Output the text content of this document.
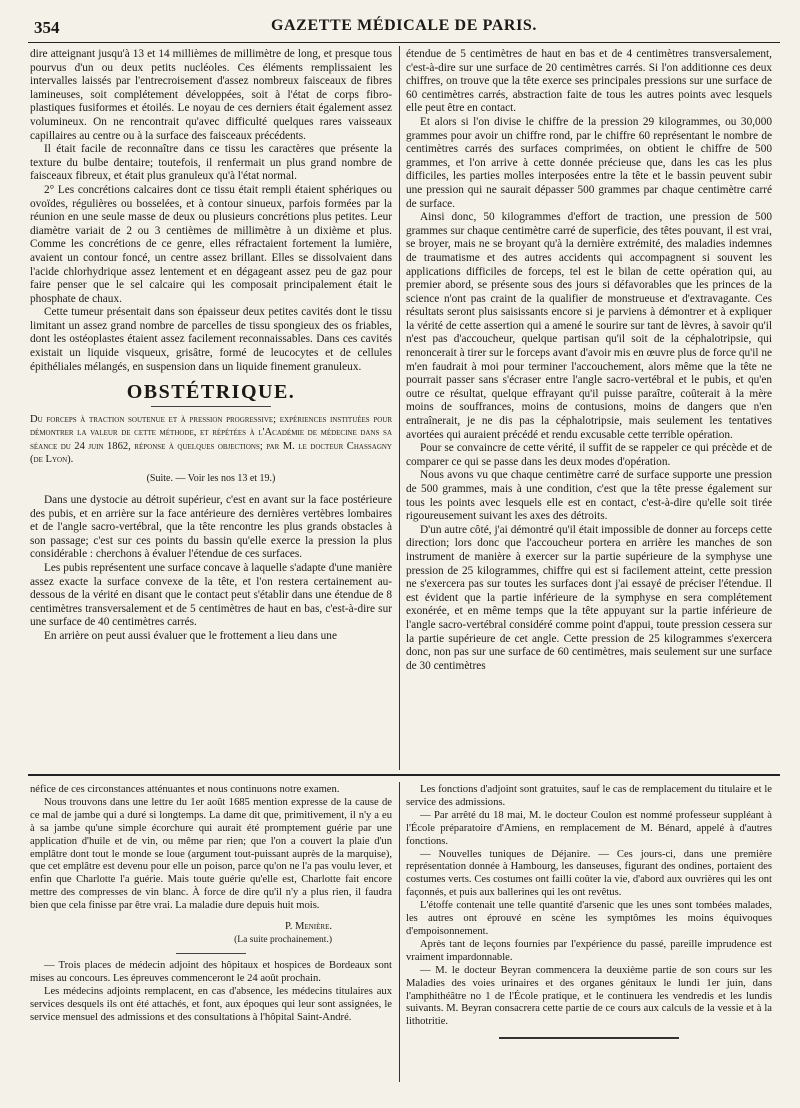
354	GAZETTE MÉDICALE DE PARIS.

dire atteignant jusqu'à 13 et 14 millièmes de millimètre de long, et presque tous pourvus d'un ou deux petits nucléoles. Ces éléments remplissaient les intervalles laissés par l'entrecroisement d'assez nombreux faisceaux de fibres lamineuses, soit complétement développées, soit à l'état de corps fibro-plastiques fusiformes et étoilés. Le noyau de ces derniers était également assez volumineux. On ne rencontrait qu'avec difficulté quelques rares vaisseaux capillaires au centre ou à la surface des faisceaux précédents.

Il était facile de reconnaître dans ce tissu les caractères que présente la texture du bulbe dentaire; toutefois, il renfermait un plus grand nombre de faisceaux fibreux, et était plus granuleux qu'à l'état normal.

2° Les concrétions calcaires dont ce tissu était rempli étaient sphériques ou ovoïdes, régulières ou bosselées, et à contour sinueux, parfois formées par la réunion en une seule masse de deux ou plusieurs concrétions plus petites. Leur diamètre variait de 2 ou 3 centièmes de millimètre à un dixième et plus. Comme les concrétions de ce genre, elles réfractaient fortement la lumière, avaient un contour foncé, un centre assez brillant. Elles se dissolvaient dans l'acide chlorhydrique assez lentement et en dégageant assez peu de gaz pour faire penser que le sel calcaire qui les composait principalement était le phosphate de chaux.

Cette tumeur présentait dans son épaisseur deux petites cavités dont le tissu limitant un assez grand nombre de parcelles de tissu spongieux des os friables, dont les ostéoplastes étaient assez facilement reconnaissables. Dans ces cavités existait un liquide visqueux, grisâtre, formé de leucocytes et de cellules épithéliales mélangés, en suspension dans un liquide finement granuleux.

OBSTÉTRIQUE.
Du forceps à traction soutenue et à pression progressive; expériences instituées pour démontrer la valeur de cette méthode, et répétées à l'Académie de médecine dans sa séance du 24 juin 1862, réponse à quelques objections; par M. le docteur Chassagny (de Lyon).
(Suite. — Voir les nos 13 et 19.)

Dans une dystocie au détroit supérieur, c'est en avant sur la face postérieure des pubis, et en arrière sur la face antérieure des dernières vertèbres lombaires et de l'angle sacro-vertébral, que la tête rencontre les plus grands obstacles à son passage; c'est sur ces points du bassin qu'elle exerce la pression la plus considérable : cherchons à évaluer l'étendue de ces surfaces.

Les pubis représentent une surface concave à laquelle s'adapte d'une manière assez exacte la surface convexe de la tête, et l'on restera certainement au-dessous de la vérité en disant que le contact peut s'établir dans une étendue de 8 centimètres transversalement et de 5 centimètres de haut en bas, c'est-à-dire sur une surface de 40 centimètres carrés.

En arrière on peut aussi évaluer que le frottement a lieu dans une

étendue de 5 centimètres de haut en bas et de 4 centimètres transversalement, c'est-à-dire sur une surface de 20 centimètres carrés. Si l'on additionne ces deux chiffres, on trouve que la tête exerce ses principales pressions sur une surface de 60 centimètres carrés, abstraction faite de tous les autres points avec lesquels elle peut être en contact.

Et alors si l'on divise le chiffre de la pression 29 kilogrammes, ou 30,000 grammes pour avoir un chiffre rond, par le chiffre 60 représentant le nombre de centimètres carrés des surfaces comprimées, on obtient le chiffre de 500 grammes, et l'on arrive à cette donnée précieuse que, dans les cas les plus difficiles, les parties molles interposées entre la tête et le bassin peuvent subir une pression qui ne saurait dépasser 500 grammes par chaque centimètre carré de surface.

Ainsi donc, 50 kilogrammes d'effort de traction, une pression de 500 grammes sur chaque centimètre carré de superficie, des têtes pouvant, il est vrai, se broyer, mais ne se broyant qu'à la dernière extrémité, des maladies indemnes de traumatisme et des autres accidents qui accompagnent si souvent les applications difficiles de forceps, tel est le bilan de cette opération qui, au premier abord, se présente sous des jours si défavorables que les princes de la science n'ont pas craint de la qualifier de monstrueuse et d'extravagante. Ces résultats seront plus saisissants encore si je parviens à démontrer et à expliquer la vérité de cette assertion qui a amené le sourire sur tant de lèvres, à savoir qu'il n'est pas d'accoucheur, quelque partisan qu'il soit de la céphalotripsie, qui renoncerait à tirer sur le forceps avant d'avoir mis en œuvre plus de force qu'il ne m'en faudrait à moi pour terminer l'accouchement, alors même que la tête ne pourrait passer sans s'écraser entre l'angle sacro-vertébral et le pubis, et qu'en outre ce résultat, quelque effrayant qu'il puisse paraître, coûterait à la mère moins de souffrances, moins de contusions, moins de dangers que n'en entraînerait, je ne dis pas la céphalotripsie, mais seulement les tentatives avortées qui auraient précédé et rendu excusable cette terrible opération.

Pour se convaincre de cette vérité, il suffit de se rappeler ce qui précède et de comparer ce qui se passe dans les deux modes d'opération.

Nous avons vu que chaque centimètre carré de surface supporte une pression de 500 grammes, mais à une condition, c'est que la tête presse également sur tous les points avec lesquels elle est en contact, c'est-à-dire qu'elle soit tirée rigoureusement suivant les axes des détroits.

D'un autre côté, j'ai démontré qu'il était impossible de donner au forceps cette direction; lors donc que l'accoucheur portera en arrière les manches de son instrument de manière à exercer sur la partie supérieure de la symphyse une pression de 25 kilogrammes, chiffre qui est si facilement atteint, cette pression ne s'exercera pas sur toutes les surfaces dont j'ai essayé de préciser l'étendue. Il est évident que la partie inférieure de la symphyse en sera complétement exonérée, et en même temps que la tête appuyant sur la partie inférieure de l'angle sacro-vertébral considéré comme point d'appui, toute pression cessera sur la partie supérieure de cet angle. Cette pression de 25 kilogrammes s'exercera donc, non pas sur une surface de 60 centimètres, mais seulement sur une surface de 30 centimètres

néfice de ces circonstances atténuantes et nous continuons notre examen.

Nous trouvons dans une lettre du 1er août 1685 mention expresse de la cause de ce mal de jambe qui a duré si longtemps. La dame dit que, primitivement, il n'y a eu à sa jambe qu'une simple écorchure qui aurait été promptement guérie par une application d'huile et de vin, ou même par rien; que l'on a couvert la plaie d'un emplâtre dont tout le monde se loue (argument tout-puissant auprès de la marquise), que cet emplâtre est devenu pour elle un poison, parce qu'on ne l'a pas voulu lever, et enfin que Charlotte l'a guérie. Mais toute guérie qu'elle est, Charlotte fait encore mettre des compresses de vin blanc. À force de dire qu'il n'y a plus rien, il faudra bien que cela finisse par être vrai. La maladie dure depuis huit mois.

P. Menière.
(La suite prochainement.)

— Trois places de médecin adjoint des hôpitaux et hospices de Bordeaux sont mises au concours. Les épreuves commenceront le 24 août prochain.

Les médecins adjoints remplacent, en cas d'absence, les médecins titulaires aux services desquels ils ont été attachés, et font, aux époques qui leur sont assignées, le service mensuel des admissions et des consultations à l'hôpital Saint-André.

Les fonctions d'adjoint sont gratuites, sauf le cas de remplacement du titulaire et le service des admissions.

— Par arrêté du 18 mai, M. le docteur Coulon est nommé professeur suppléant à l'École préparatoire d'Amiens, en remplacement de M. Bénard, appelé à d'autres fonctions.

— Nouvelles tuniques de Déjanire. — Ces jours-ci, dans une première représentation donnée à Hambourg, les danseuses, figurant des ondines, portaient des costumes verts. Ces costumes ont failli coûter la vie, d'abord aux ouvrières qui les ont façonnés, et puis aux ballerines qui les ont revêtus.

L'étoffe contenait une telle quantité d'arsenic que les unes sont tombées malades, les autres ont éprouvé en scène les symptômes les moins équivoques d'empoisonnement.

Après tant de leçons fournies par l'expérience du passé, pareille imprudence est vraiment impardonnable.

— M. le docteur Beyran commencera la deuxième partie de son cours sur les Maladies des voies urinaires et des organes génitaux le lundi 1er juin, dans l'amphithéâtre no 1 de l'École pratique, et le continuera les vendredis et les lundis suivants. M. Beyran consacrera cette partie de ce cours aux calculs de la vessie et à la lithotritie.
